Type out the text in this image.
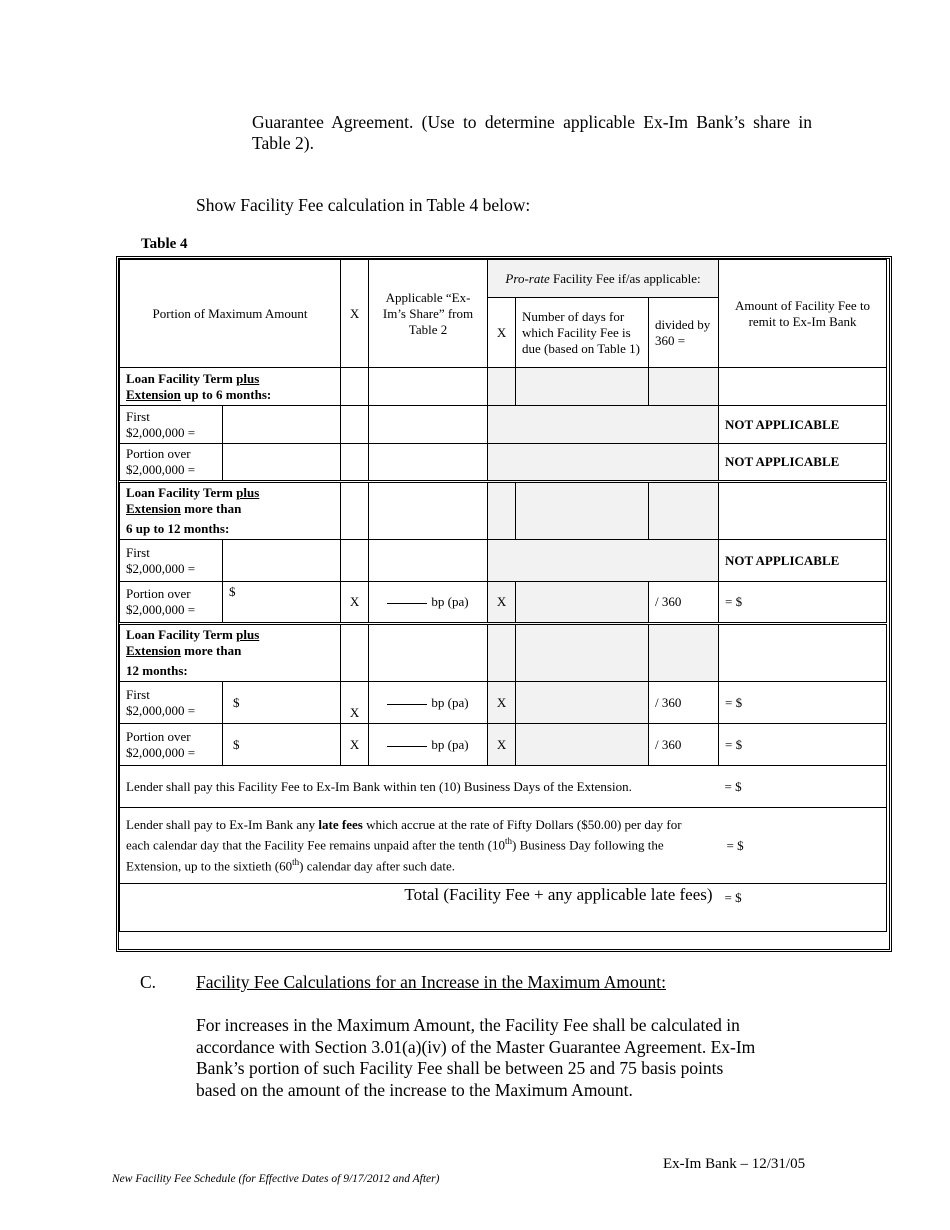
Guarantee Agreement. (Use to determine applicable Ex-Im Bank’s share in Table 2).
Show Facility Fee calculation in Table 4 below:
Table 4
Portion of Maximum Amount		X	Applicable “Ex-Im’s Share” from Table 2	Pro-rate Facility Fee if/as applicable:			Amount of Facility Fee to remit to Ex-Im Bank
				X	Number of days for which Facility Fee is due (based on Table 1)	divided by 360 =	
Loan Facility Term plus
Extension up to 6 months:							
First
$2,000,000 =							NOT APPLICABLE
Portion over
$2,000,000 =							NOT APPLICABLE
Loan Facility Term plus
Extension more than
6 up to 12 months:							
First
$2,000,000 =							NOT APPLICABLE
Portion over
$2,000,000 =	$	X	bp (pa)	X		/ 360	= $
Loan Facility Term plus
Extension more than
12 months:							
First
$2,000,000 =	$	X	bp (pa)	X		/ 360	= $
Portion over
$2,000,000 =	$	X	bp (pa)	X		/ 360	= $
Lender shall pay this Facility Fee to Ex-Im Bank within ten (10) Business Days of the Extension.							= $
Lender shall pay to Ex-Im Bank any late fees which accrue at the rate of Fifty Dollars ($50.00) per day for each calendar day that the Facility Fee remains unpaid after the tenth (10th) Business Day following the Extension, up to the sixtieth (60th) calendar day after such date.							= $
Total (Facility Fee + any applicable late fees)							= $
C. Facility Fee Calculations for an Increase in the Maximum Amount:
For increases in the Maximum Amount, the Facility Fee shall be calculated in accordance with Section 3.01(a)(iv) of the Master Guarantee Agreement. Ex-Im Bank’s portion of such Facility Fee shall be between 25 and 75 basis points based on the amount of the increase to the Maximum Amount.
Ex-Im Bank – 12/31/05
New Facility Fee Schedule (for Effective Dates of 9/17/2012 and After)
